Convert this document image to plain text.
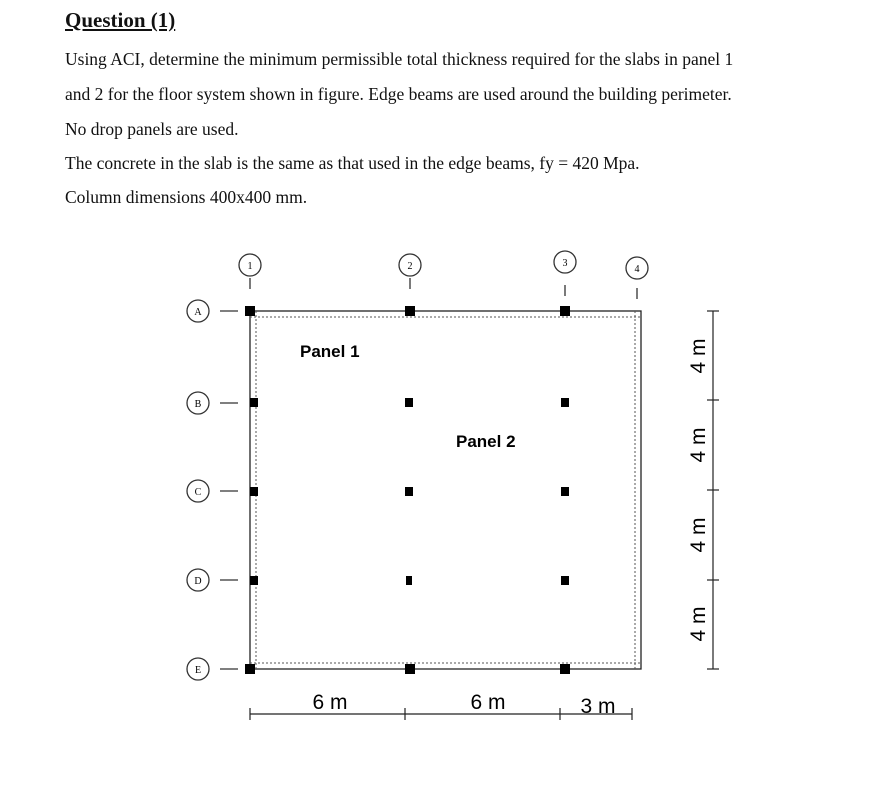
Question (1)
Using ACI, determine the minimum permissible total thickness required for the slabs in panel 1
and 2 for the floor system shown in figure. Edge beams are used around the building perimeter.
No drop panels are used.
The concrete in the slab is the same as that used in the edge beams, fy = 420 Mpa.
Column dimensions 400x400 mm.
1	2	3
4
A
B
C
D
E
Panel 1
Panel 2
6 m	6 m	3 m
4 m
4 m
4 m
4 m
